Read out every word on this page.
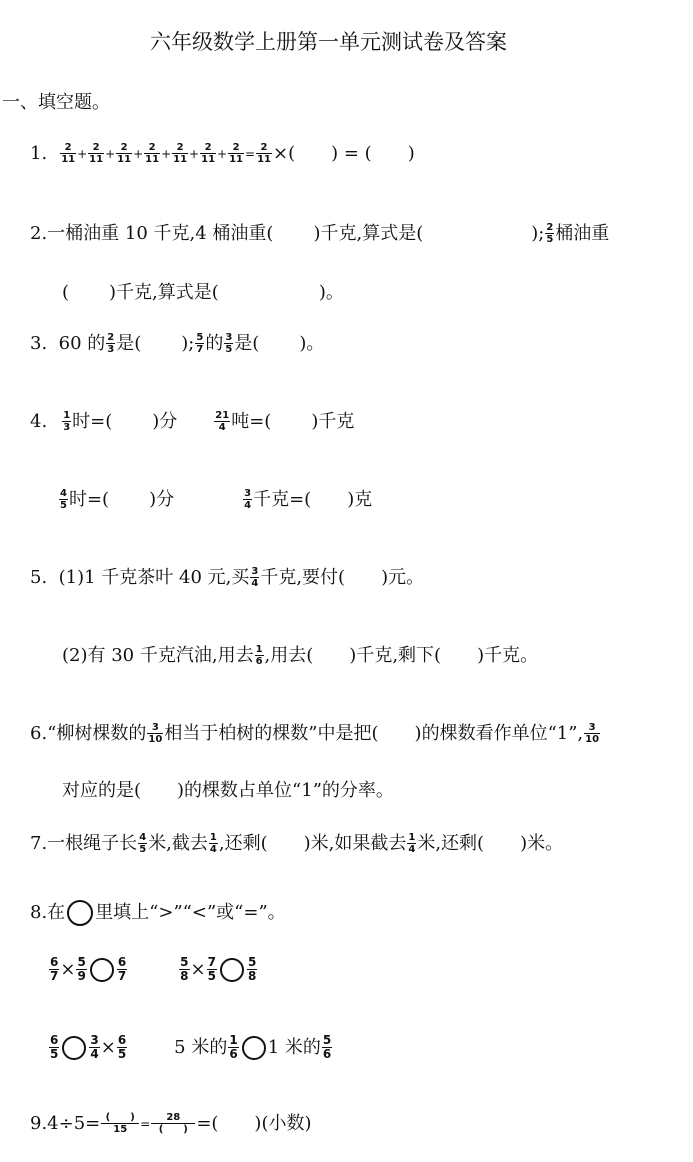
六年级数学上册第一单元测试卷及答案
一、填空题。
1. $\frac{2}{11} + \frac{2}{11} + \frac{2}{11} + \frac{2}{11} + \frac{2}{11} + \frac{2}{11} + \frac{2}{11} = \frac{2}{11}$ ×(　　) = (　　)
2.一桶油重 10 千克,4 桶油重( )千克,算式是(	); $\frac{2}{5}$ 桶油重
( )千克,算式是(	)。
3.  60 的 $\frac{2}{3}$ 是( ); $\frac{5}{7}$ 的 $\frac{3}{5}$ 是( )。
4. $\frac{1}{3}$ 时=( )分	$\frac{21}{4}$ 吨=( )千克
$\frac{4}{5}$ 时=( )分	$\frac{3}{4}$ 千克=( )克
5.  (1)1 千克茶叶 40 元,买 $\frac{3}{4}$ 千克,要付( )元。
(2)有 30 千克汽油,用去 $\frac{1}{6}$ ,用去( )千克,剩下( )千克。
6.“柳树棵数的 $\frac{3}{10}$ 相当于柏树的棵数”中是把( )的棵数看作单位“1”, $\frac{3}{10}$
对应的是( )的棵数占单位“1”的分率。
7.一根绳子长 $\frac{4}{5}$ 米,截去 $\frac{1}{4}$ ,还剩( )米,如果截去 $\frac{1}{4}$ 米,还剩( )米。
8.在 里填上“>”“<”或“=”。
$\frac{6}{7} \times \frac{5}{9}$	$\frac{6}{7}$	$\frac{5}{8} \times \frac{7}{5}$	$\frac{5}{8}$
$\frac{6}{5}$	$\frac{3}{4} \times \frac{6}{5}$	5 米的 $\frac{1}{6} 1$ 米的 $\frac{5}{6}$
9.4÷5= (　　)
15	=	28
(　　) =( )(小数)
